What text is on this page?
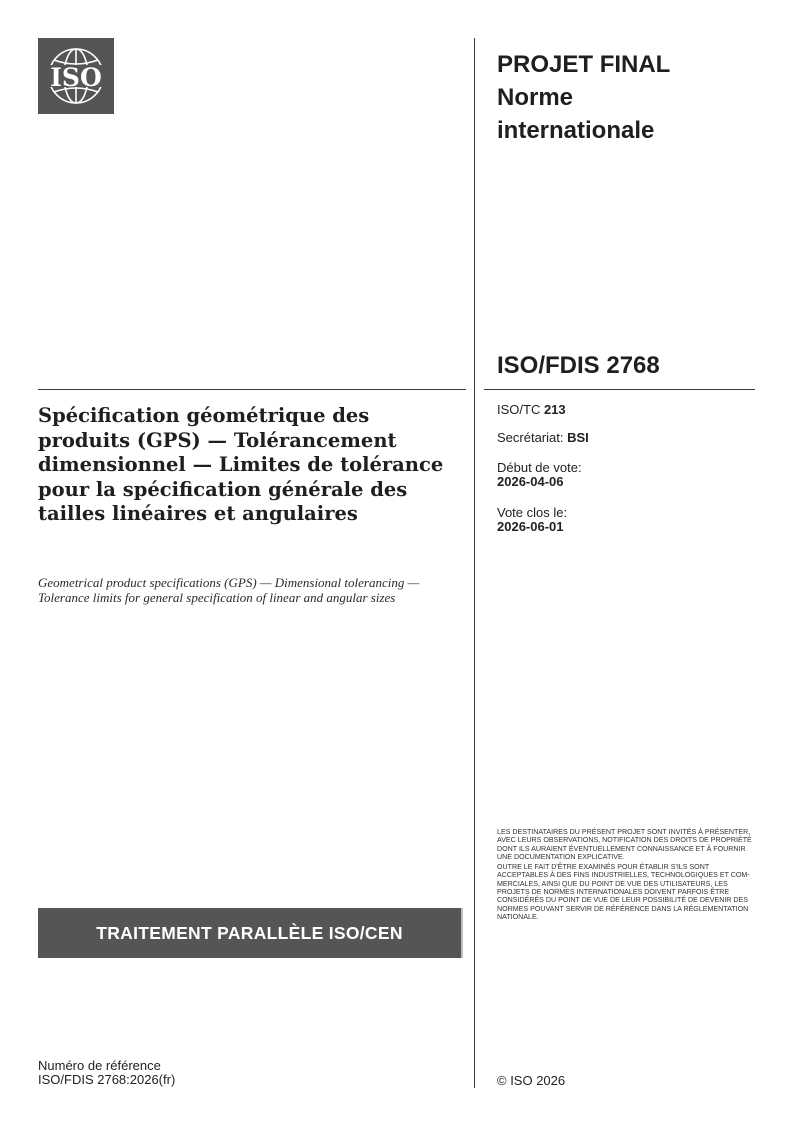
ISO	PROJET FINAL
Norme
internationale
ISO/FDIS 2768
Spécification géométrique des produits (GPS) — Tolérancement dimensionnel — Limites de tolérance pour la spécification générale des tailles linéaires et angulaires
Geometrical product specifications (GPS) — Dimensional tolerancing — Tolerance limits for general specification of linear and angular sizes
ISO/TC 213
Secrétariat: BSI
Début de vote:
2026-04-06
Vote clos le:
2026-06-01
TRAITEMENT PARALLÈLE ISO/CEN

LES DESTINATAIRES DU PRÉSENT PROJET SONT INVITÉS À PRÉSENTER, AVEC LEURS OBSERVATIONS, NOTIFICATION DES DROITS DE PROPRIÉTÉ DONT ILS AURAIENT ÉVENTUELLEMENT CONNAISSANCE ET À FOURNIR UNE DOCUMENTATION EXPLICATIVE.

OUTRE LE FAIT D'ÊTRE EXAMINÉS POUR ÉTABLIR S'ILS SONT ACCEPTABLES À DES FINS INDUSTRIELLES, TECHNOLOGIQUES ET COM-MERCIALES, AINSI QUE DU POINT DE VUE DES UTILISATEURS, LES PROJETS DE NORMES INTERNATIONALES DOIVENT PARFOIS ÊTRE CONSIDÉRÉS DU POINT DE VUE DE LEUR POSSIBILITÉ DE DEVENIR DES NORMES POUVANT SERVIR DE RÉFÉRENCE DANS LA RÉGLEMENTATION NATIONALE.

Numéro de référence
ISO/FDIS 2768:2026(fr)	© ISO 2026
